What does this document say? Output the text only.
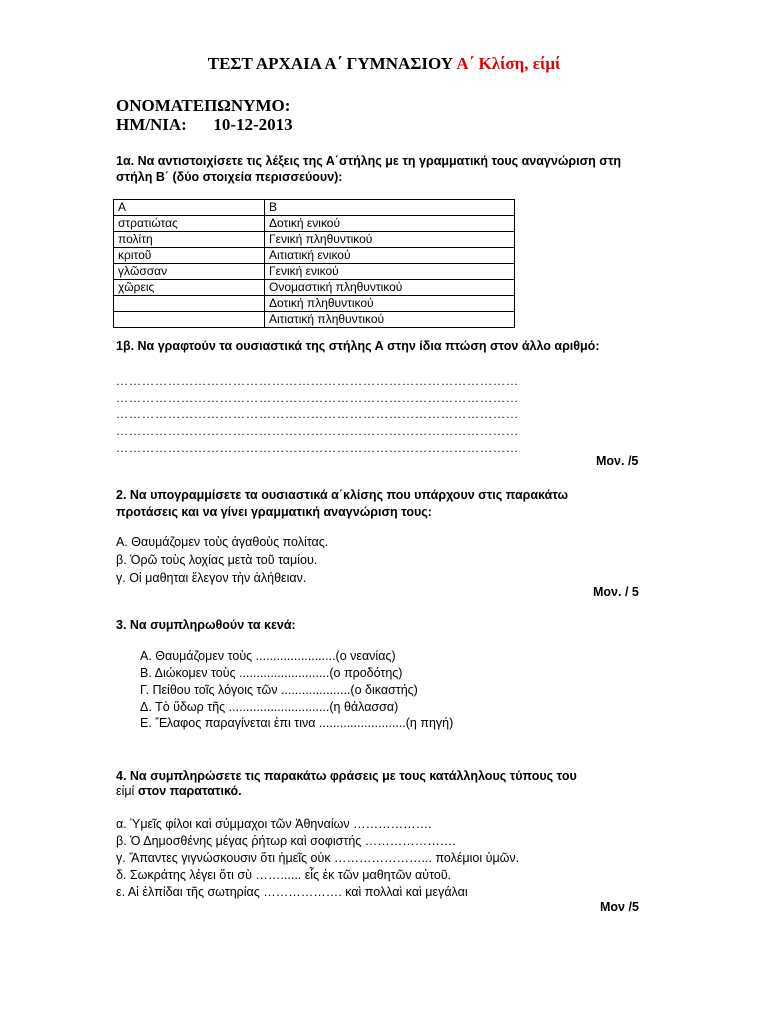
ΤΕΣΤ ΑΡΧΑΙΑ Α΄ ΓΥΜΝΑΣΙΟΥ Α΄ Κλίση, είμί
ΟΝΟΜΑΤΕΠΩΝΥΜΟ:
ΗΜ/ΝΙΑ: 10-12-2013
1α. Να αντιστοιχίσετε τις λέξεις της Α΄στήλης με τη γραμματική τους αναγνώριση στη
στήλη Β΄ (δύο στοιχεία περισσεύουν):
Α	Β
στρατιώτας	Δοτική ενικού
πολίτη	Γενική πληθυντικού
κριτοῦ	Αιτιατική ενικού
γλῶσσαν	Γενική ενικού
χῶρεις	Ονομαστική πληθυντικού
	Δοτική πληθυντικού
	Αιτιατική πληθυντικού
1β. Να γραφτούν τα ουσιαστικά της στήλης Α στην ίδια πτώση στον άλλο αριθμό:
…………………………………………………………………………………
…………………………………………………………………………………
…………………………………………………………………………………
…………………………………………………………………………………
…………………………………………………………………………………
Μον. /5
2. Να υπογραμμίσετε τα ουσιαστικά α΄κλίσης που υπάρχουν στις παρακάτω
προτάσεις και να γίνει γραμματική αναγνώριση τους:
Α. Θαυμάζομεν τοὺς ἀγαθοὺς πολίτας.
β. Ὁρῶ τοὺς λοχίας μετὰ τοῦ ταμίου.
γ. Οἱ μαθηται ἔλεγον τὴν ἀλήθειαν.
Μον. / 5
3. Να συμπληρωθούν τα κενά:
Α. Θαυμάζομεν τοὺς .......................(ο νεανίας)
Β. Διώκομεν τοὺς ..........................(ο προδότης)
Γ. Πείθου τοῖς λόγοις τῶν ....................(ο δικαστής)
Δ. Τὸ ὕδωρ τῆς .............................(η θάλασσα)
Ε. Ἔλαφος παραγίνεται ἐπι τινα .........................(η πηγή)
4. Να συμπληρώσετε τις παρακάτω φράσεις με τους κατάλληλους τύπους του
εἰμί στον παρατατικό.
α. Ὑμεῖς φίλοι καὶ σύμμαχοι τῶν Ἀθηναίων ……………….
β. Ὁ Δημοσθένης μέγας ῥήτωρ καὶ σοφιστής ………………….
γ. Ἅπαντες γιγνώσκουσιν ὅτι ἡμεῖς οὐκ …………………... πολέμιοι ὑμῶν.
δ. Σωκράτης λέγει ὅτι σὺ ……...... εἷς ἐκ τῶν μαθητῶν αὐτοῦ.
ε. Αἱ ἐλπίδαι τῆς σωτηρίας ………………. καὶ πολλαὶ καὶ μεγάλαι
Μον /5
